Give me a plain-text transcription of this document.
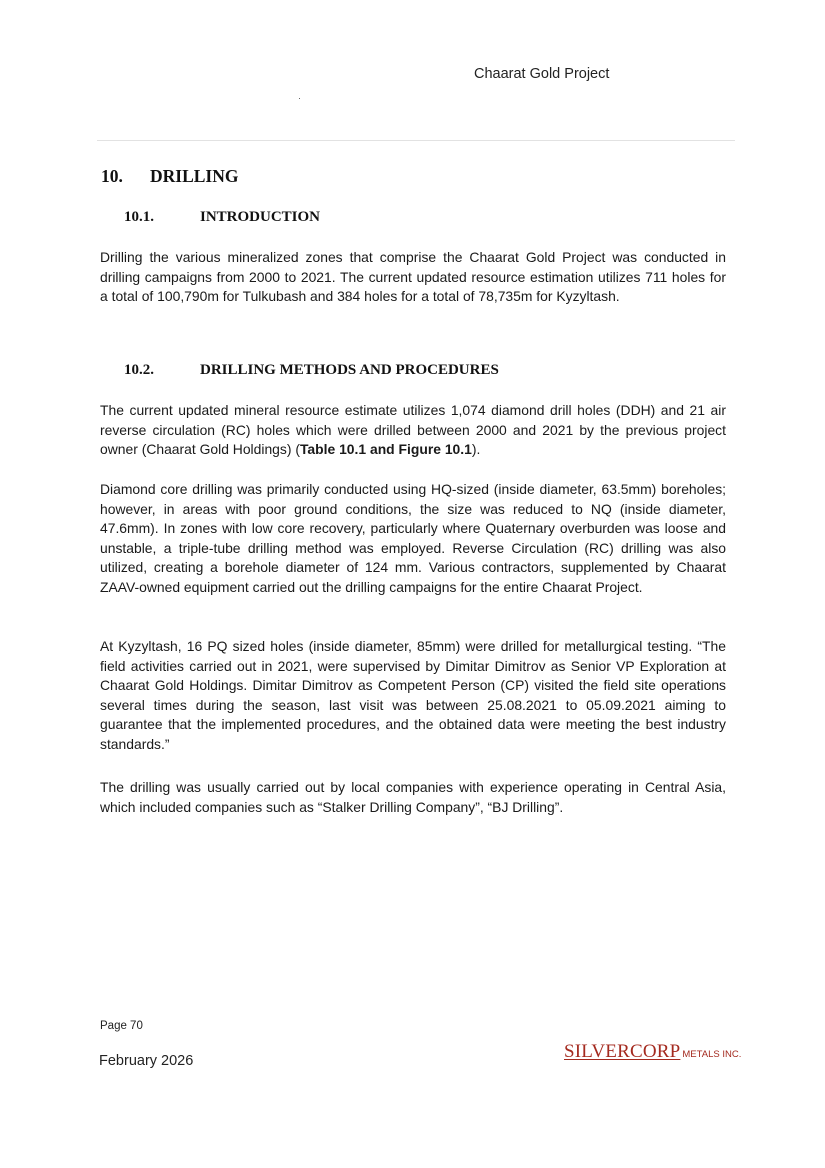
Chaarat Gold Project
10. DRILLING
10.1.	INTRODUCTION

Drilling the various mineralized zones that comprise the Chaarat Gold Project was conducted in drilling campaigns from 2000 to 2021. The current updated resource estimation utilizes 711 holes for a total of 100,790m for Tulkubash and 384 holes for a total of 78,735m for Kyzyltash.

10.2.	DRILLING METHODS AND PROCEDURES

The current updated mineral resource estimate utilizes 1,074 diamond drill holes (DDH) and 21 air reverse circulation (RC) holes which were drilled between 2000 and 2021 by the previous project owner (Chaarat Gold Holdings) (Table 10.1 and Figure 10.1).

Diamond core drilling was primarily conducted using HQ-sized (inside diameter, 63.5mm) boreholes; however, in areas with poor ground conditions, the size was reduced to NQ (inside diameter, 47.6mm). In zones with low core recovery, particularly where Quaternary overburden was loose and unstable, a triple-tube drilling method was employed. Reverse Circulation (RC) drilling was also utilized, creating a borehole diameter of 124 mm. Various contractors, supplemented by Chaarat ZAAV-owned equipment carried out the drilling campaigns for the entire Chaarat Project.

At Kyzyltash, 16 PQ sized holes (inside diameter, 85mm) were drilled for metallurgical testing. “The field activities carried out in 2021, were supervised by Dimitar Dimitrov as Senior VP Exploration at Chaarat Gold Holdings. Dimitar Dimitrov as Competent Person (CP) visited the field site operations several times during the season, last visit was between 25.08.2021 to 05.09.2021 aiming to guarantee that the implemented procedures, and the obtained data were meeting the best industry standards.”

The drilling was usually carried out by local companies with experience operating in Central Asia, which included companies such as “Stalker Drilling Company”, “BJ Drilling”.

Page 70
February 2026	SILVERCORP METALS INC.
